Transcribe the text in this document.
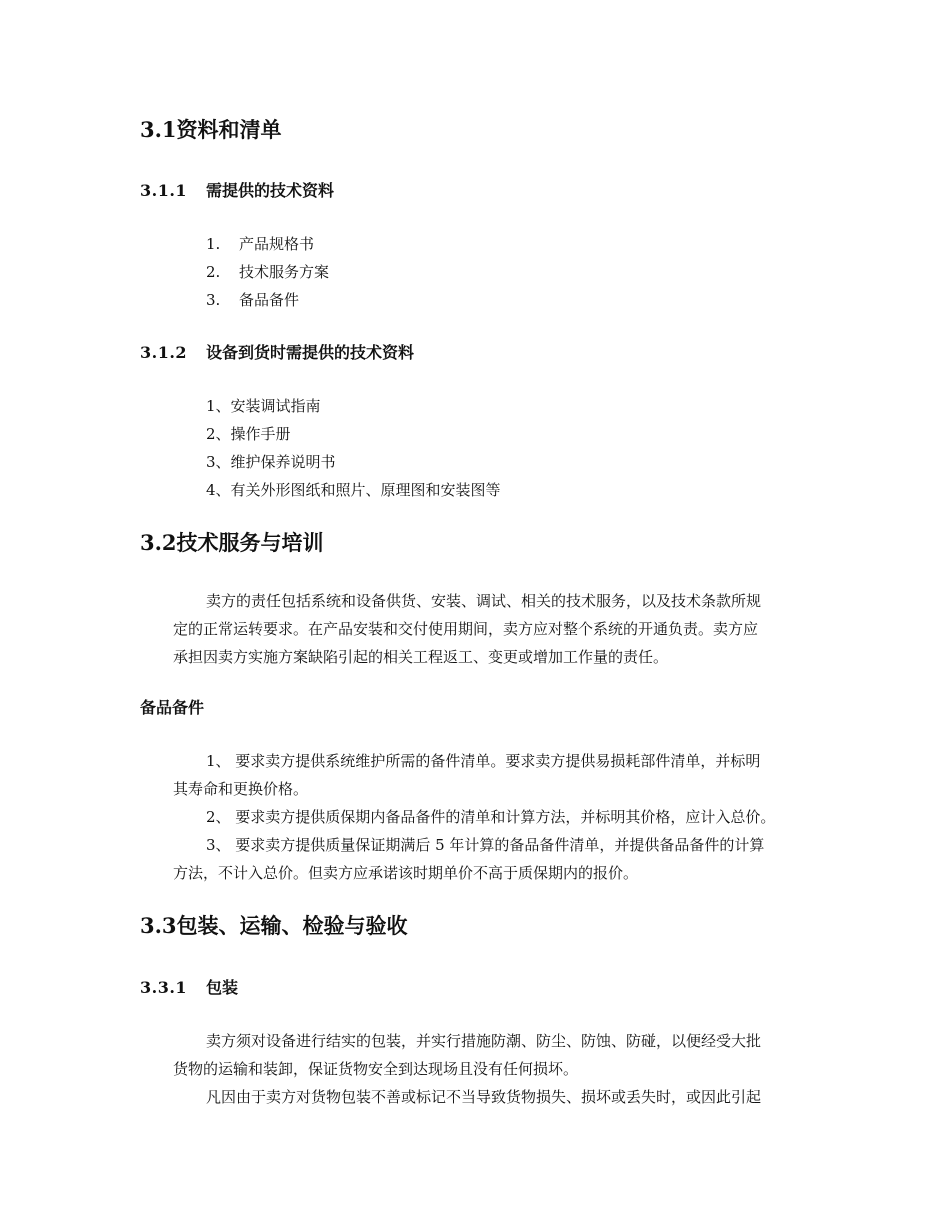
3.1资料和清单
3.1.1 需提供的技术资料
1. 产品规格书
2. 技术服务方案
3. 备品备件
3.1.2 设备到货时需提供的技术资料
1、安装调试指南
2、操作手册
3、维护保养说明书
4、有关外形图纸和照片、原理图和安装图等
3.2技术服务与培训
卖方的责任包括系统和设备供货、安装、调试、相关的技术服务，以及技术条款所规
定的正常运转要求。在产品安装和交付使用期间，卖方应对整个系统的开通负责。卖方应
承担因卖方实施方案缺陷引起的相关工程返工、变更或增加工作量的责任。
备品备件
1、 要求卖方提供系统维护所需的备件清单。要求卖方提供易损耗部件清单，并标明
其寿命和更换价格。
2、 要求卖方提供质保期内备品备件的清单和计算方法，并标明其价格，应计入总价。
3、 要求卖方提供质量保证期满后 5 年计算的备品备件清单，并提供备品备件的计算
方法，不计入总价。但卖方应承诺该时期单价不高于质保期内的报价。
3.3包装、运输、检验与验收
3.3.1 包装
卖方须对设备进行结实的包装，并实行措施防潮、防尘、防蚀、防碰，以便经受大批
货物的运输和装卸，保证货物安全到达现场且没有任何损坏。
凡因由于卖方对货物包装不善或标记不当导致货物损失、损坏或丢失时，或因此引起
